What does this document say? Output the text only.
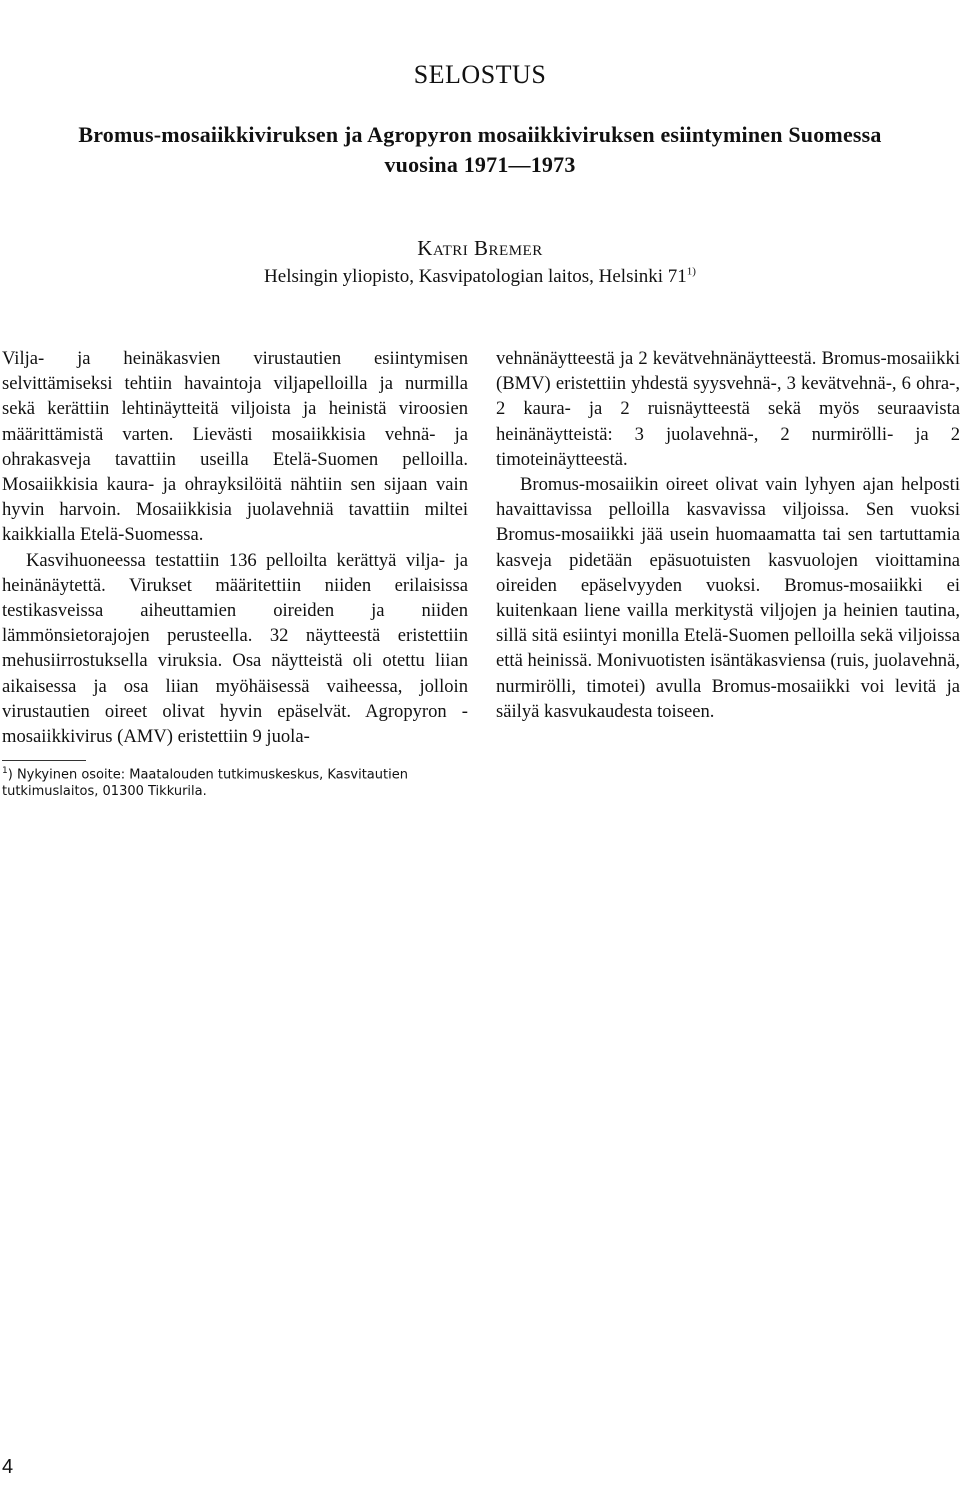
SELOSTUS
Bromus-mosaiikkiviruksen ja Agropyron mosaiikkiviruksen esiintyminen Suomessa
vuosina 1971—1973
Katri Bremer
Helsingin yliopisto, Kasvipatologian laitos, Helsinki 71$^{1)}$

Vilja- ja heinäkasvien virustautien esiintymisen selvittämiseksi tehtiin havaintoja viljapelloilla ja nurmilla sekä kerättiin lehtinäytteitä viljoista ja heinistä viroosien määrittämistä varten. Lievästi mosaiikkisia vehnä- ja ohrakasveja tavattiin useilla Etelä-Suomen pelloilla. Mosaiikkisia kaura- ja ohrayksilöitä nähtiin sen sijaan vain hyvin harvoin. Mosaiikkisia juolavehniä tavattiin miltei kaikkialla Etelä-Suomessa.

Kasvihuoneessa testattiin 136 pelloilta kerättyä vilja- ja heinänäytettä. Virukset määritettiin niiden erilaisissa testikasveissa aiheuttamien oireiden ja niiden lämmönsietorajojen perusteella. 32 näytteestä eristettiin mehusiirrostuksella viruksia. Osa näytteistä oli otettu liian aikaisessa ja osa liian myöhäisessä vaiheessa, jolloin virustautien oireet olivat hyvin epäselvät. Agropyron -mosaiikkivirus (AMV) eristettiin 9 juola-

vehnänäytteestä ja 2 kevätvehnänäytteestä. Bromus-mosaiikki (BMV) eristettiin yhdestä syysvehnä-, 3 kevätvehnä-, 6 ohra-, 2 kaura- ja 2 ruisnäytteestä sekä myös seuraavista heinänäytteistä: 3 juolavehnä-, 2 nurmirölli- ja 2 timoteinäytteestä.

Bromus-mosaiikin oireet olivat vain lyhyen ajan helposti havaittavissa pelloilla kasvavissa viljoissa. Sen vuoksi Bromus-mosaiikki jää usein huomaamatta tai sen tartuttamia kasveja pidetään epäsuotuisten kasvuolojen vioittamina oireiden epäselvyyden vuoksi. Bromus-mosaiikki ei kuitenkaan liene vailla merkitystä viljojen ja heinien tautina, sillä sitä esiintyi monilla Etelä-Suomen pelloilla sekä viljoissa että heinissä. Monivuotisten isäntäkasviensa (ruis, juolavehnä, nurmirölli, timotei) avulla Bromus-mosaiikki voi levitä ja säilyä kasvukaudesta toiseen.

$^1$) Nykyinen osoite: Maatalouden tutkimuskeskus, Kasvitautien tutkimuslaitos, 01300 Tikkurila.
4
